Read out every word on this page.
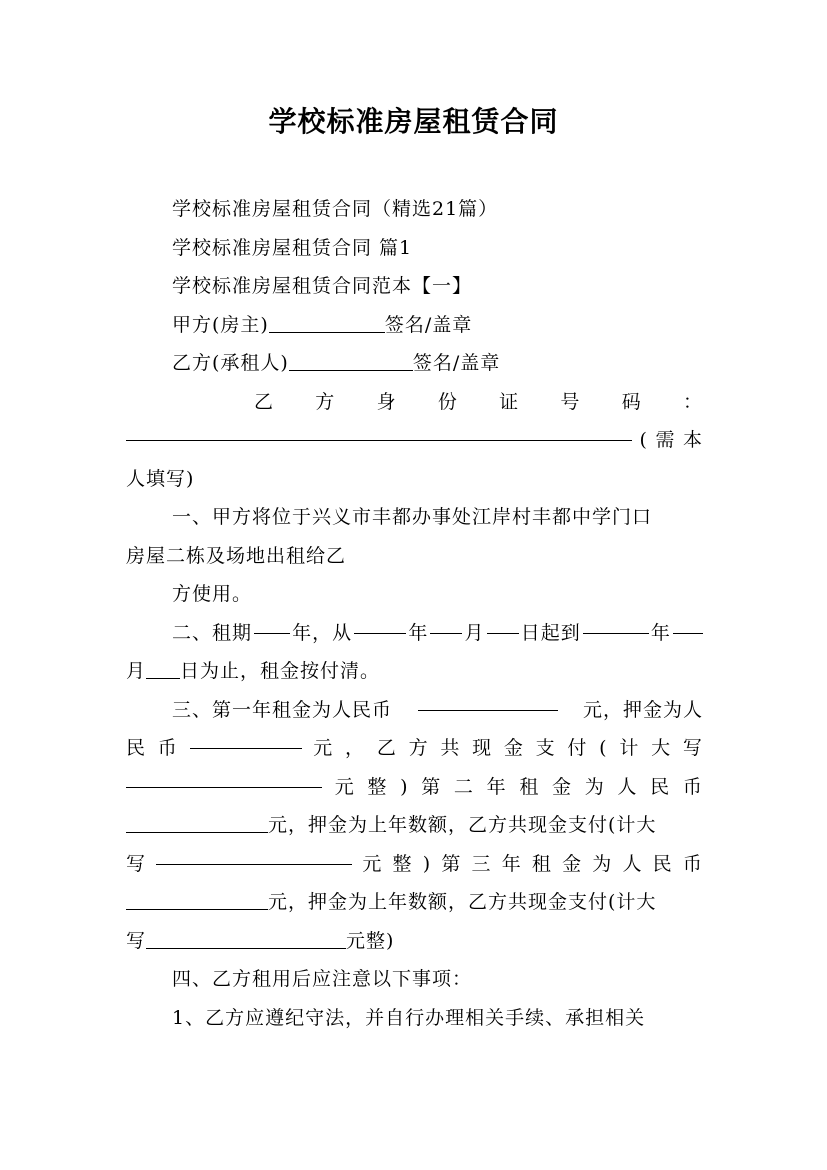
学校标准房屋租赁合同
学校标准房屋租赁合同（精选21篇）
学校标准房屋租赁合同 篇1
学校标准房屋租赁合同范本【一】
甲方(房主)	签名/盖章
乙方(承租人)	签名/盖章
乙 方 身 份 证 号 码 ：
( 需 本
人填写)
一、甲方将位于兴义市丰都办事处江岸村丰都中学门口
房屋二栋及场地出租给乙
方使用。
二、租期 年，从	年 月 日起到	年
月 日为止，租金按付清。
三、第一年租金为人民币	元，押金为人
民 币	元 ， 乙 方 共 现 金 支 付 ( 计 大 写
元 整 ) 第 二 年 租 金 为 人 民 币
元，押金为上年数额，乙方共现金支付(计大
写	元 整 ) 第 三 年 租 金 为 人 民 币
元，押金为上年数额，乙方共现金支付(计大
写	元整)
四、乙方租用后应注意以下事项：
1、乙方应遵纪守法，并自行办理相关手续、承担相关
